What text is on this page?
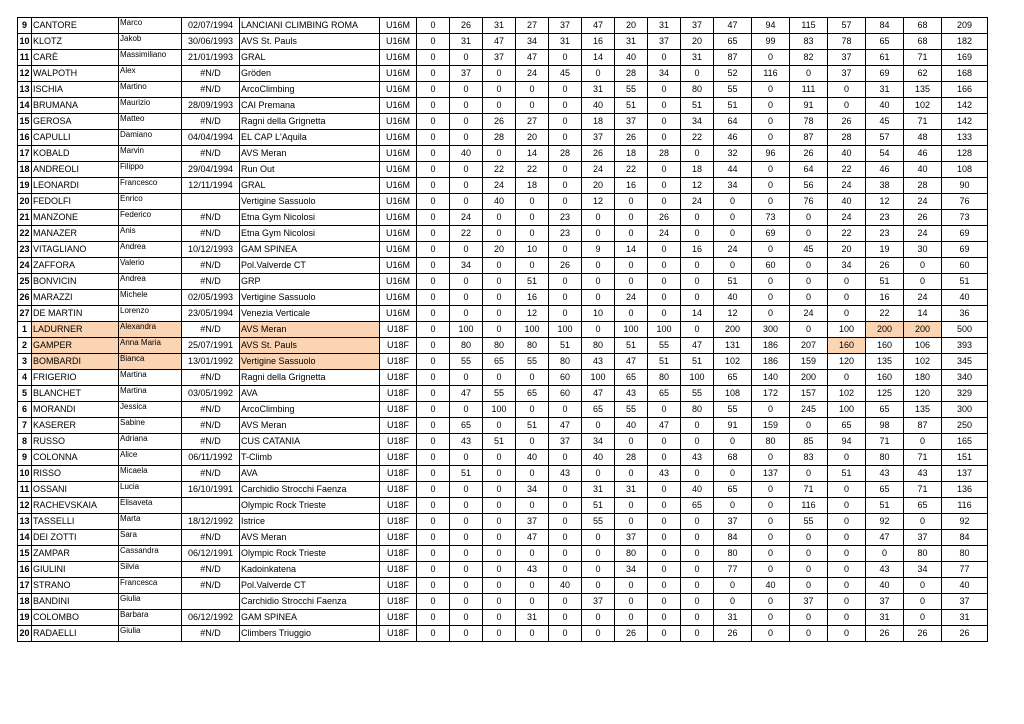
9	CANTORE	Marco	02/07/1994	LANCIANI CLIMBING ROMA	U16M	0	26	31	27	37	47	20	31	37	47	94	115	57	84	68	209
10	KLOTZ	Jakob	30/06/1993	AVS St. Pauls	U16M	0	31	47	34	31	16	31	37	20	65	99	83	78	65	68	182
11	CARÈ	Massimiliano	21/01/1993	GRAL	U16M	0	0	37	47	0	14	40	0	31	87	0	82	37	61	71	169
12	WALPOTH	Alex	#N/D	Gröden	U16M	0	37	0	24	45	0	28	34	0	52	116	0	37	69	62	168
13	ISCHIA	Martino	#N/D	ArcoClimbing	U16M	0	0	0	0	0	31	55	0	80	55	0	111	0	31	135	166
14	BRUMANA	Maurizio	28/09/1993	CAI Premana	U16M	0	0	0	0	0	40	51	0	51	51	0	91	0	40	102	142
15	GEROSA	Matteo	#N/D	Ragni della Grignetta	U16M	0	0	26	27	0	18	37	0	34	64	0	78	26	45	71	142
16	CAPULLI	Damiano	04/04/1994	EL CAP L'Aquila	U16M	0	0	28	20	0	37	26	0	22	46	0	87	28	57	48	133
17	KOBALD	Marvin	#N/D	AVS Meran	U16M	0	40	0	14	28	26	18	28	0	32	96	26	40	54	46	128
18	ANDREOLI	Filippo	29/04/1994	Run Out	U16M	0	0	22	22	0	24	22	0	18	44	0	64	22	46	40	108
19	LEONARDI	Francesco	12/11/1994	GRAL	U16M	0	0	24	18	0	20	16	0	12	34	0	56	24	38	28	90
20	FEDOLFI	Enrico		Vertigine Sassuolo	U16M	0	0	40	0	0	12	0	0	24	0	0	76	40	12	24	76
21	MANZONE	Federico	#N/D	Etna Gym Nicolosi	U16M	0	24	0	0	23	0	0	26	0	0	73	0	24	23	26	73
22	MANAZER	Anis	#N/D	Etna Gym Nicolosi	U16M	0	22	0	0	23	0	0	24	0	0	69	0	22	23	24	69
23	VITAGLIANO	Andrea	10/12/1993	GAM SPINEA	U16M	0	0	20	10	0	9	14	0	16	24	0	45	20	19	30	69
24	ZAFFORA	Valerio	#N/D	Pol.Valverde CT	U16M	0	34	0	0	26	0	0	0	0	0	60	0	34	26	0	60
25	BONVICIN	Andrea	#N/D	GRP	U16M	0	0	0	51	0	0	0	0	0	51	0	0	0	51	0	51
26	MARAZZI	Michele	02/05/1993	Vertigine Sassuolo	U16M	0	0	0	16	0	0	24	0	0	40	0	0	0	16	24	40
27	DE MARTIN	Lorenzo	23/05/1994	Venezia Verticale	U16M	0	0	0	12	0	10	0	0	14	12	0	24	0	22	14	36
1	LADURNER	Alexandra	#N/D	AVS Meran	U18F	0	100	0	100	100	0	100	100	0	200	300	0	100	200	200	500
2	GAMPER	Anna Maria	25/07/1991	AVS St. Pauls	U18F	0	80	80	80	51	80	51	55	47	131	186	207	160	160	106	393
3	BOMBARDI	Bianca	13/01/1992	Vertigine Sassuolo	U18F	0	55	65	55	80	43	47	51	51	102	186	159	120	135	102	345
4	FRIGERIO	Martina	#N/D	Ragni della Grignetta	U18F	0	0	0	0	60	100	65	80	100	65	140	200	0	160	180	340
5	BLANCHET	Martina	03/05/1992	AVA	U18F	0	47	55	65	60	47	43	65	55	108	172	157	102	125	120	329
6	MORANDI	Jessica	#N/D	ArcoClimbing	U18F	0	0	100	0	0	65	55	0	80	55	0	245	100	65	135	300
7	KASERER	Sabine	#N/D	AVS Meran	U18F	0	65	0	51	47	0	40	47	0	91	159	0	65	98	87	250
8	RUSSO	Adriana	#N/D	CUS CATANIA	U18F	0	43	51	0	37	34	0	0	0	0	80	85	94	71	0	165
9	COLONNA	Alice	06/11/1992	T-Climb	U18F	0	0	0	40	0	40	28	0	43	68	0	83	0	80	71	151
10	RISSO	Micaela	#N/D	AVA	U18F	0	51	0	0	43	0	0	43	0	0	137	0	51	43	43	137
11	OSSANI	Lucia	16/10/1991	Carchidio Strocchi Faenza	U18F	0	0	0	34	0	31	31	0	40	65	0	71	0	65	71	136
12	RACHEVSKAIA	Elisaveta		Olympic Rock Trieste	U18F	0	0	0	0	0	51	0	0	65	0	0	116	0	51	65	116
13	TASSELLI	Marta	18/12/1992	Istrice	U18F	0	0	0	37	0	55	0	0	0	37	0	55	0	92	0	92
14	DEI ZOTTI	Sara	#N/D	AVS Meran	U18F	0	0	0	47	0	0	37	0	0	84	0	0	0	47	37	84
15	ZAMPAR	Cassandra	06/12/1991	Olympic Rock Trieste	U18F	0	0	0	0	0	0	80	0	0	80	0	0	0	0	80	80
16	GIULINI	Silvia	#N/D	Kadoinkatena	U18F	0	0	0	43	0	0	34	0	0	77	0	0	0	43	34	77
17	STRANO	Francesca	#N/D	Pol.Valverde CT	U18F	0	0	0	0	40	0	0	0	0	0	40	0	0	40	0	40
18	BANDINI	Giulia		Carchidio Strocchi Faenza	U18F	0	0	0	0	0	37	0	0	0	0	0	37	0	37	0	37
19	COLOMBO	Barbara	06/12/1992	GAM SPINEA	U18F	0	0	0	31	0	0	0	0	0	31	0	0	0	31	0	31
20	RADAELLI	Giulia	#N/D	Climbers Triuggio	U18F	0	0	0	0	0	0	26	0	0	26	0	0	0	26	26	26
